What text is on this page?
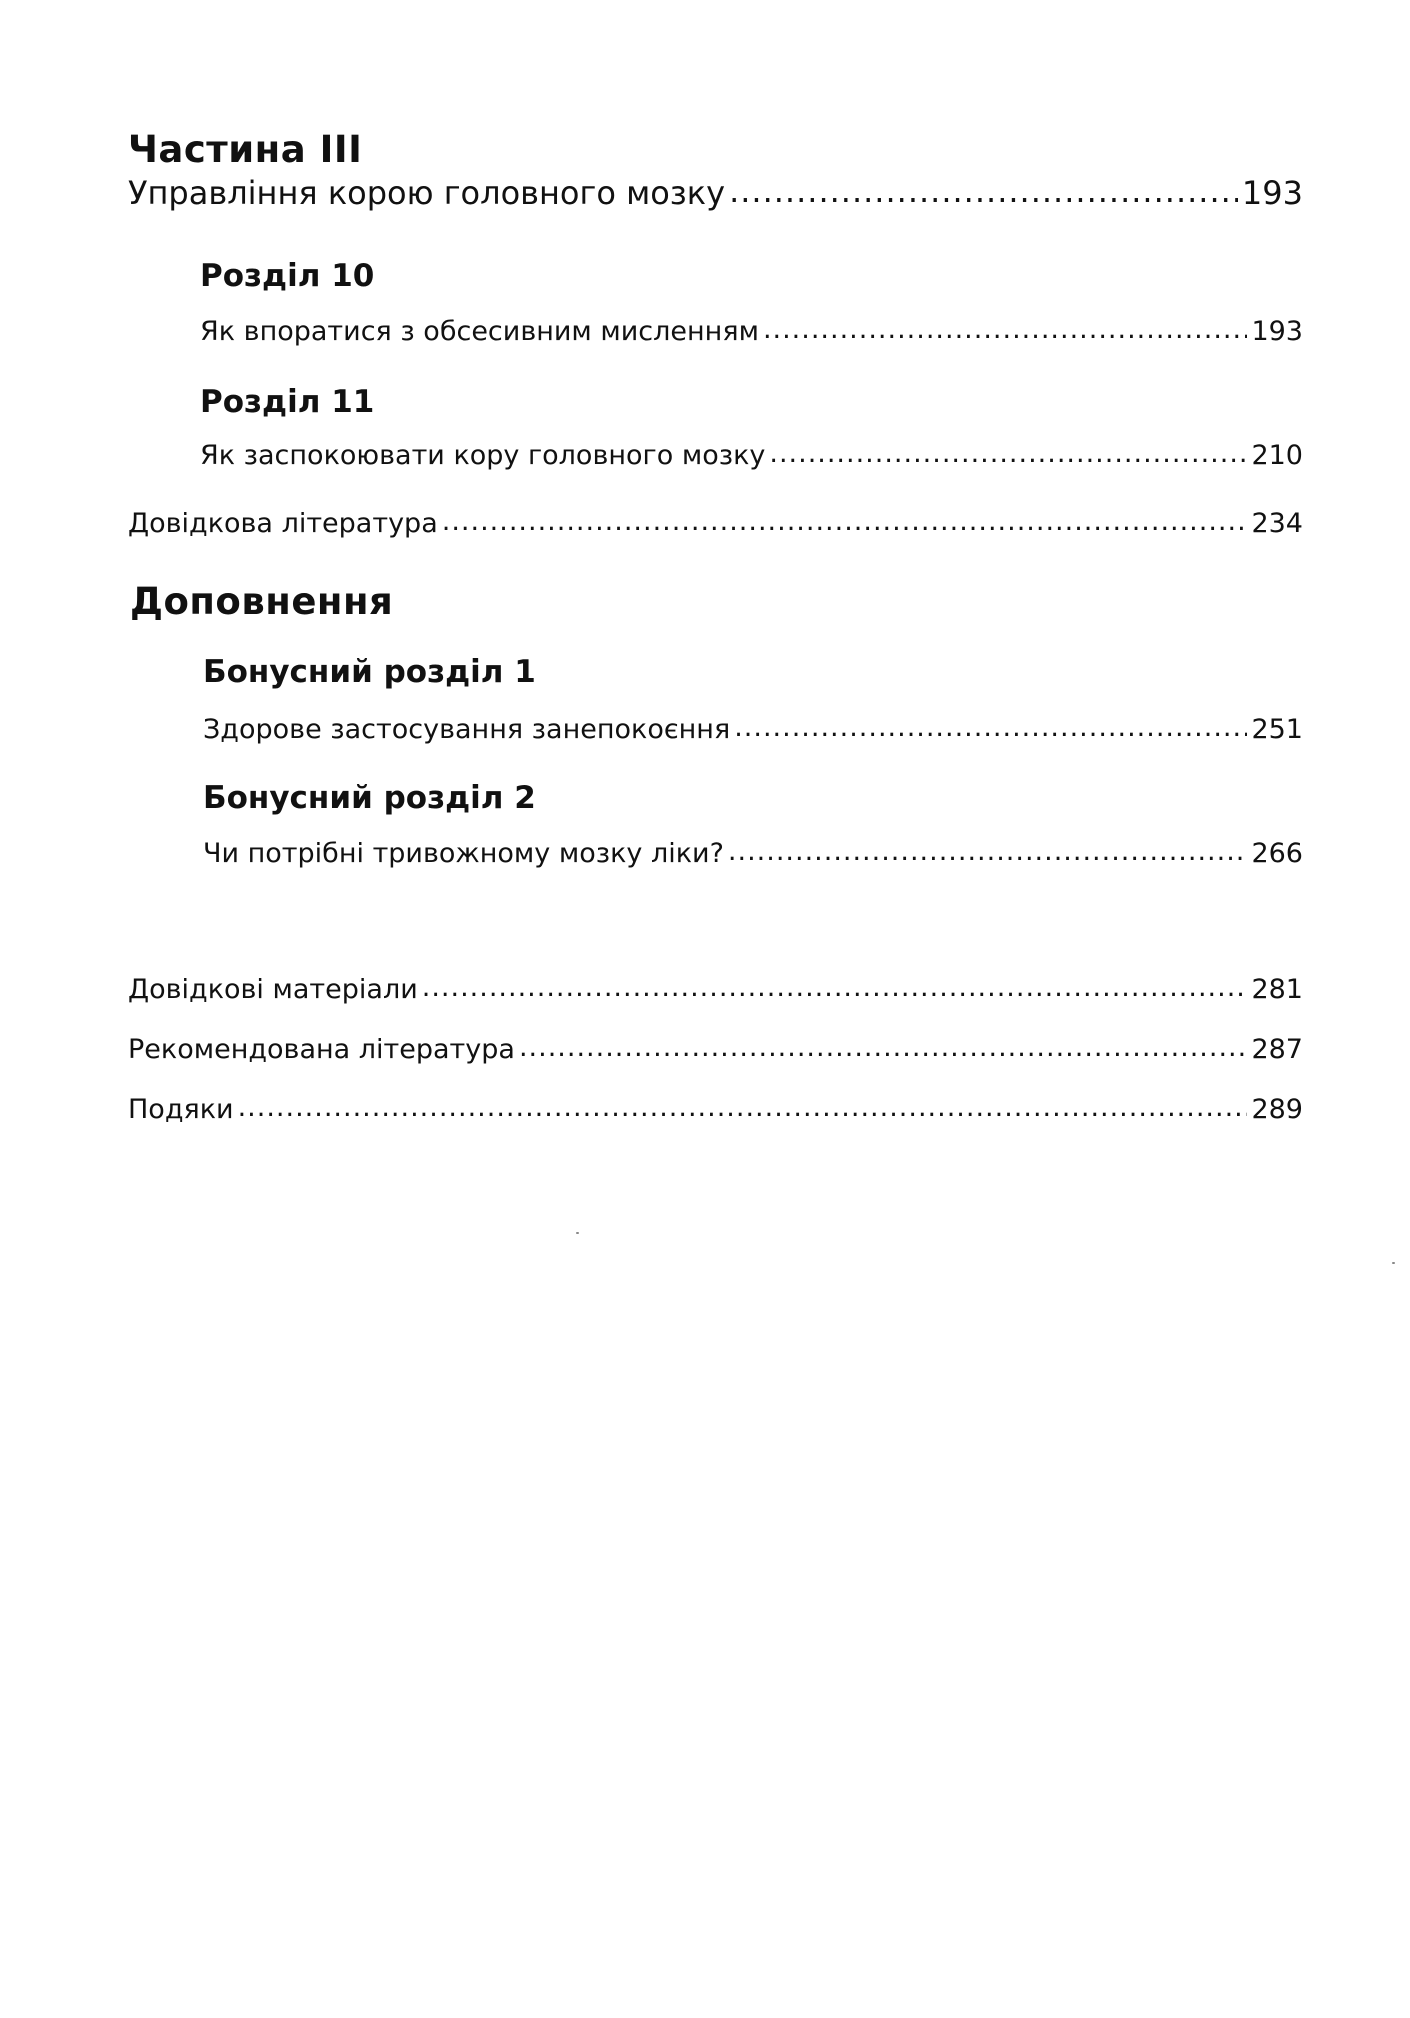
Частина III
Управління корою головного мозку .....	193
Розділ 10
Як впоратися з обсесивним мисленням .....	193
Розділ 11
Як заспокоювати кору головного мозку .....	210
Довідкова література .....	234
Доповнення
Бонусний розділ 1
Здорове застосування занепокоєння .....	251
Бонусний розділ 2
Чи потрібні тривожному мозку ліки? .....	266
Довідкові матеріали .....	281
Рекомендована література .....	287
Подяки .....	289
